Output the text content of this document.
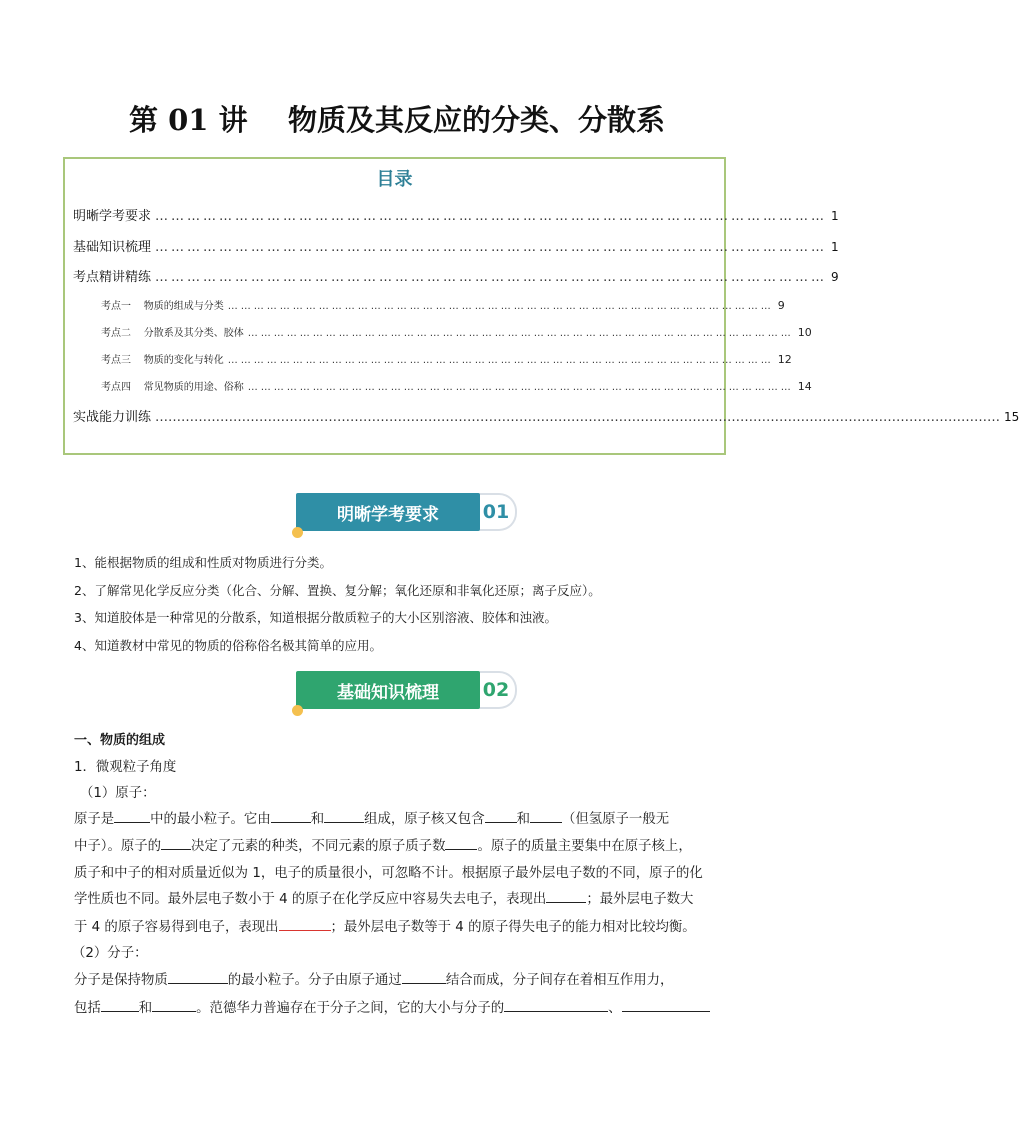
第 01 讲    物质及其反应的分类、分散系
目录
明晰学考要求 ……………………………………………………………………………………………………………… 1
基础知识梳理 ……………………………………………………………………………………………………………… 1
考点精讲精练 ……………………………………………………………………………………………………………… 9
考点一    物质的组成与分类 ……………………………………………………………………………………………………………… 9
考点二    分散系及其分类、胶体 ……………………………………………………………………………………………………………… 10
考点三    物质的变化与转化 ……………………………………………………………………………………………………………… 12
考点四    常见物质的用途、俗称 ……………………………………………………………………………………………………………… 14
实战能力训练 …………………………………………………………………………………………………………………………………………………………………………… 15
01
明晰学考要求
1、能根据物质的组成和性质对物质进行分类。
2、了解常见化学反应分类（化合、分解、置换、复分解；氧化还原和非氧化还原；离子反应）。
3、知道胶体是一种常见的分散系，知道根据分散质粒子的大小区别溶液、胶体和浊液。
4、知道教材中常见的物质的俗称俗名极其简单的应用。
02
基础知识梳理
一、物质的组成
1．微观粒子角度
（1）原子：
原子是	中的最小粒子。它由	和	组成，原子核又包含 和 （但氢原子一般无
中子）。原子的 决定了元素的种类，不同元素的原子质子数 。原子的质量主要集中在原子核上，
质子和中子的相对质量近似为 1，电子的质量很小，可忽略不计。根据原子最外层电子数的不同，原子的化
学性质也不同。最外层电子数小于 4 的原子在化学反应中容易失去电子，表现出	；最外层电子数大
于 4 的原子容易得到电子，表现出	；最外层电子数等于 4 的原子得失电子的能力相对比较均衡。
（2）分子：
分子是保持物质	的最小粒子。分子由原子通过	结合而成，分子间存在着相互作用力，
包括	和	。范德华力普遍存在于分子之间，它的大小与分子的	、
